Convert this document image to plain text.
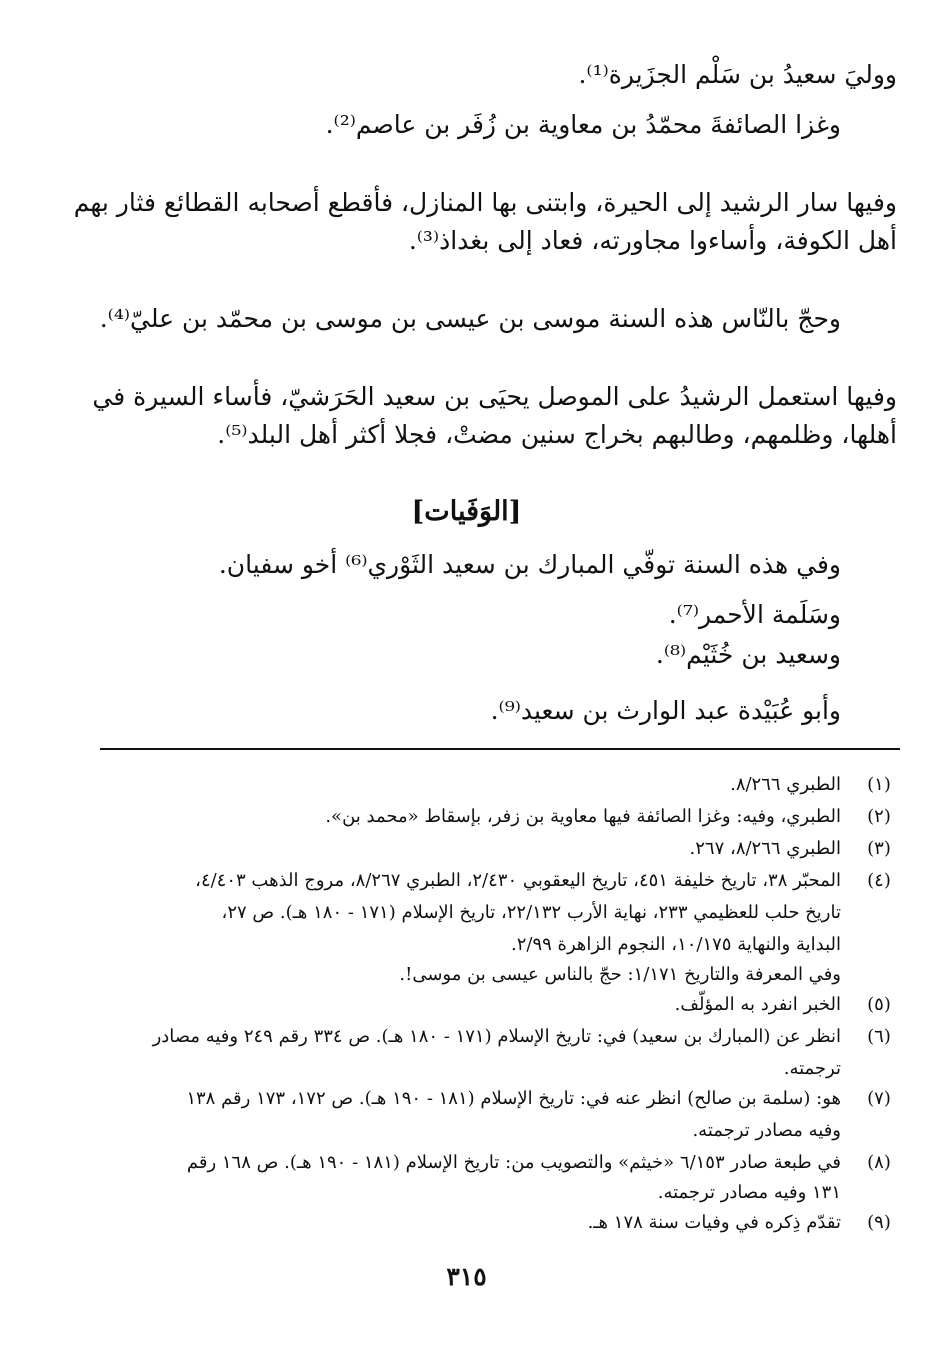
ووليَ سعيدُ بن سَلْم الجزَيرة⁽¹⁾.
وغزا الصائفةَ محمّدُ بن معاوية بن زُفَر بن عاصم⁽²⁾.
وفيها سار الرشيد إلى الحيرة، وابتنى بها المنازل، فأقطع أصحابه القطائع فثار بهم
أهل الكوفة، وأساءوا مجاورته، فعاد إلى بغداذ⁽³⁾.
وحجّ بالنّاس هذه السنة موسى بن عيسى بن موسى بن محمّد بن عليّ⁽⁴⁾.
وفيها استعمل الرشيدُ على الموصل يحيَى بن سعيد الحَرَشيّ، فأساء السيرة في
أهلها، وظلمهم، وطالبهم بخراج سنين مضتْ، فجلا أكثر أهل البلد⁽⁵⁾.
[الوَفَيات]
وفي هذه السنة توفّي المبارك بن سعيد الثَوْري⁽⁶⁾ أخو سفيان.
وسَلَمة الأحمر⁽⁷⁾.
وسعيد بن خُثَيْم⁽⁸⁾.
وأبو عُبَيْدة عبد الوارث بن سعيد⁽⁹⁾.
(١)
الطبري ٨/٢٦٦.
(٢)
الطبري، وفيه: وغزا الصائفة فيها معاوية بن زفر، بإسقاط «محمد بن».
(٣)
الطبري ٨/٢٦٦، ٢٦٧.
(٤)
المحبّر ٣٨، تاريخ خليفة ٤٥١، تاريخ اليعقوبي ٢/٤٣٠، الطبري ٨/٢٦٧، مروج الذهب ٤/٤٠٣،
تاريخ حلب للعظيمي ٢٣٣، نهاية الأرب ٢٢/١٣٢، تاريخ الإسلام (١٧١ - ١٨٠ هـ). ص ٢٧،
البداية والنهاية ١٠/١٧٥، النجوم الزاهرة ٢/٩٩.
وفي المعرفة والتاريخ ١/١٧١: حجّ بالناس عيسى بن موسى!.
(٥)
الخبر انفرد به المؤلّف.
(٦)
انظر عن (المبارك بن سعيد) في: تاريخ الإسلام (١٧١ - ١٨٠ هـ). ص ٣٣٤ رقم ٢٤٩ وفيه مصادر
ترجمته.
(٧)
هو: (سلمة بن صالح) انظر عنه في: تاريخ الإسلام (١٨١ - ١٩٠ هـ). ص ١٧٢، ١٧٣ رقم ١٣٨
وفيه مصادر ترجمته.
(٨)
في طبعة صادر ٦/١٥٣ «خيثم» والتصويب من: تاريخ الإسلام (١٨١ - ١٩٠ هـ). ص ١٦٨ رقم
١٣١ وفيه مصادر ترجمته.
(٩)
تقدّم ذِكره في وفيات سنة ١٧٨ هـ.
٣١٥
